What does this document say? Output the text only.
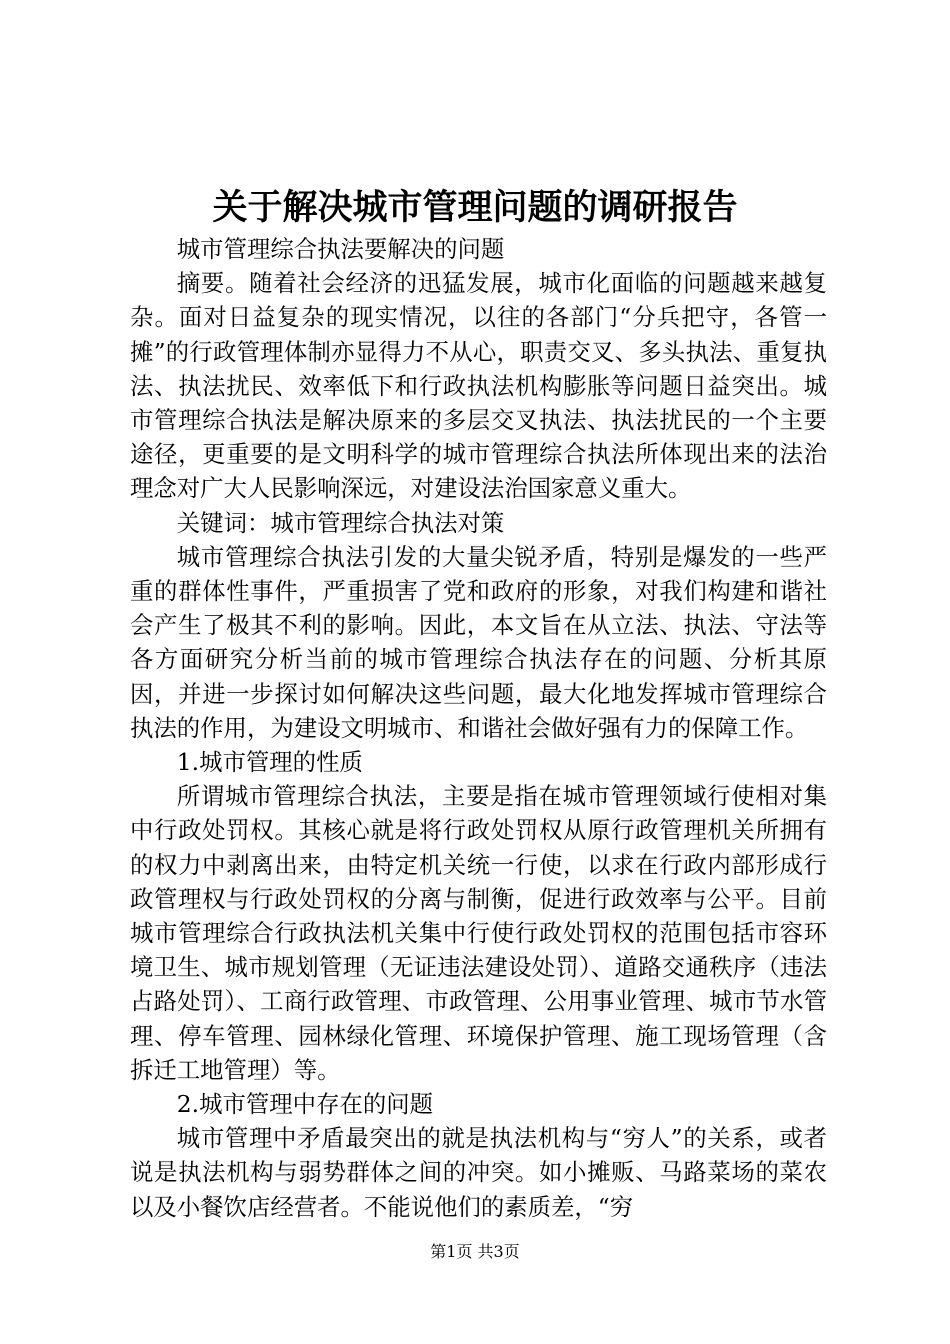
关于解决城市管理问题的调研报告

城市管理综合执法要解决的问题

摘要。随着社会经济的迅猛发展，城市化面临的问题越来越复杂。面对日益复杂的现实情况，以往的各部门“分兵把守，各管一摊”的行政管理体制亦显得力不从心，职责交叉、多头执法、重复执法、执法扰民、效率低下和行政执法机构膨胀等问题日益突出。城市管理综合执法是解决原来的多层交叉执法、执法扰民的一个主要途径，更重要的是文明科学的城市管理综合执法所体现出来的法治理念对广大人民影响深远，对建设法治国家意义重大。

关键词：城市管理综合执法对策

城市管理综合执法引发的大量尖锐矛盾，特别是爆发的一些严重的群体性事件，严重损害了党和政府的形象，对我们构建和谐社会产生了极其不利的影响。因此，本文旨在从立法、执法、守法等各方面研究分析当前的城市管理综合执法存在的问题、分析其原因，并进一步探讨如何解决这些问题，最大化地发挥城市管理综合执法的作用，为建设文明城市、和谐社会做好强有力的保障工作。

1.城市管理的性质

所谓城市管理综合执法，主要是指在城市管理领域行使相对集中行政处罚权。其核心就是将行政处罚权从原行政管理机关所拥有的权力中剥离出来，由特定机关统一行使，以求在行政内部形成行政管理权与行政处罚权的分离与制衡，促进行政效率与公平。目前城市管理综合行政执法机关集中行使行政处罚权的范围包括市容环境卫生、城市规划管理（无证违法建设处罚）、道路交通秩序（违法占路处罚）、工商行政管理、市政管理、公用事业管理、城市节水管理、停车管理、园林绿化管理、环境保护管理、施工现场管理（含拆迁工地管理）等。

2.城市管理中存在的问题

城市管理中矛盾最突出的就是执法机构与“穷人”的关系，或者说是执法机构与弱势群体之间的冲突。如小摊贩、马路菜场的菜农以及小餐饮店经营者。不能说他们的素质差，“穷

第1页 共3页
